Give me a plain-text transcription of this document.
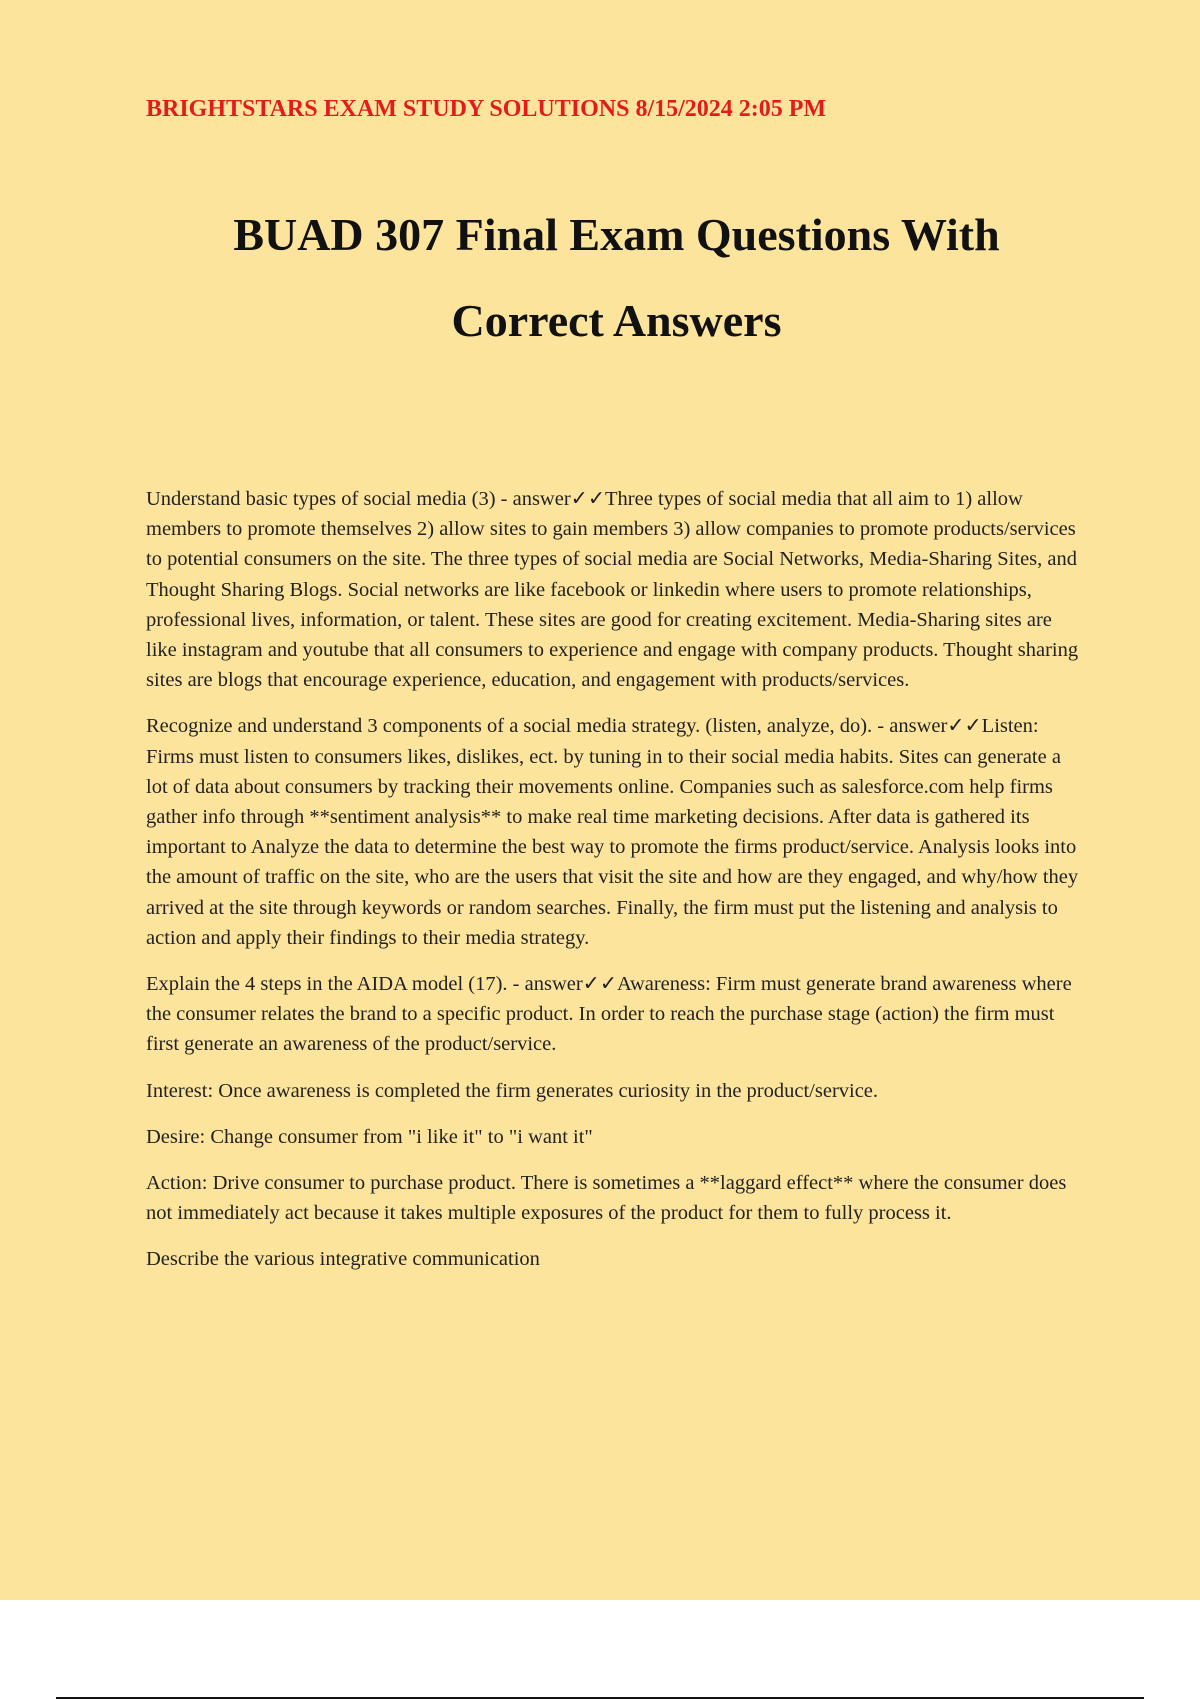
BRIGHTSTARS EXAM STUDY SOLUTIONS 8/15/2024 2:05 PM
BUAD 307 Final Exam Questions With
Correct Answers

Understand basic types of social media (3) - answer✓✓Three types of social media that all aim to 1) allow members to promote themselves 2) allow sites to gain members 3) allow companies to promote products/services to potential consumers on the site. The three types of social media are Social Networks, Media-Sharing Sites, and Thought Sharing Blogs. Social networks are like facebook or linkedin where users to promote relationships, professional lives, information, or talent. These sites are good for creating excitement. Media-Sharing sites are like instagram and youtube that all consumers to experience and engage with company products. Thought sharing sites are blogs that encourage experience, education, and engagement with products/services.

Recognize and understand 3 components of a social media strategy. (listen, analyze, do). - answer✓✓Listen: Firms must listen to consumers likes, dislikes, ect. by tuning in to their social media habits. Sites can generate a lot of data about consumers by tracking their movements online. Companies such as salesforce.com help firms gather info through **sentiment analysis** to make real time marketing decisions. After data is gathered its important to Analyze the data to determine the best way to promote the firms product/service. Analysis looks into the amount of traffic on the site, who are the users that visit the site and how are they engaged, and why/how they arrived at the site through keywords or random searches. Finally, the firm must put the listening and analysis to action and apply their findings to their media strategy.

Explain the 4 steps in the AIDA model (17). - answer✓✓Awareness: Firm must generate brand awareness where the consumer relates the brand to a specific product. In order to reach the purchase stage (action) the firm must first generate an awareness of the product/service.

Interest: Once awareness is completed the firm generates curiosity in the product/service.

Desire: Change consumer from "i like it" to "i want it"

Action: Drive consumer to purchase product. There is sometimes a **laggard effect** where the consumer does not immediately act because it takes multiple exposures of the product for them to fully process it.

Describe the various integrative communication
